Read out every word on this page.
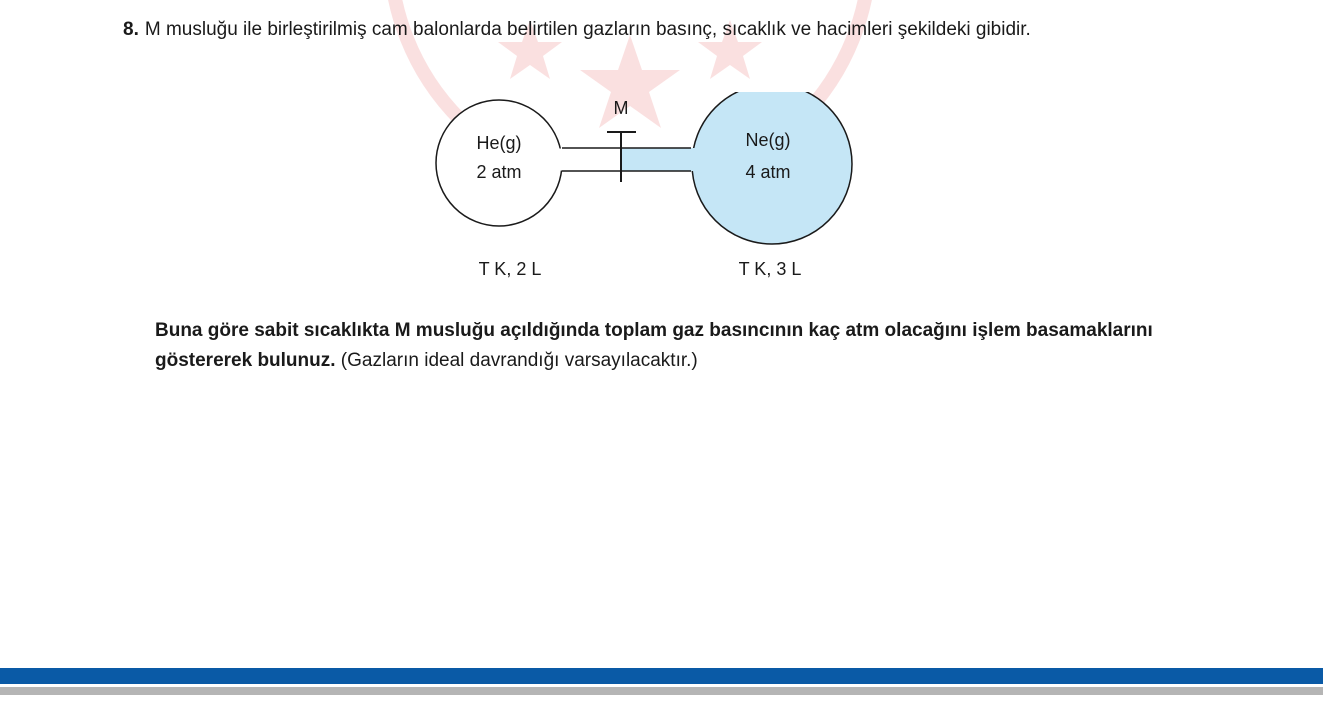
8. M musluğu ile birleştirilmiş cam balonlarda belirtilen gazların basınç, sıcaklık ve hacimleri şekildeki gibidir.
M
He(g)
2 atm
Ne(g)
4 atm
T K, 2 L	T K, 3 L
Buna göre sabit sıcaklıkta M musluğu açıldığında toplam gaz basıncının kaç atm olacağını işlem basamaklarını göstererek bulunuz. (Gazların ideal davrandığı varsayılacaktır.)
